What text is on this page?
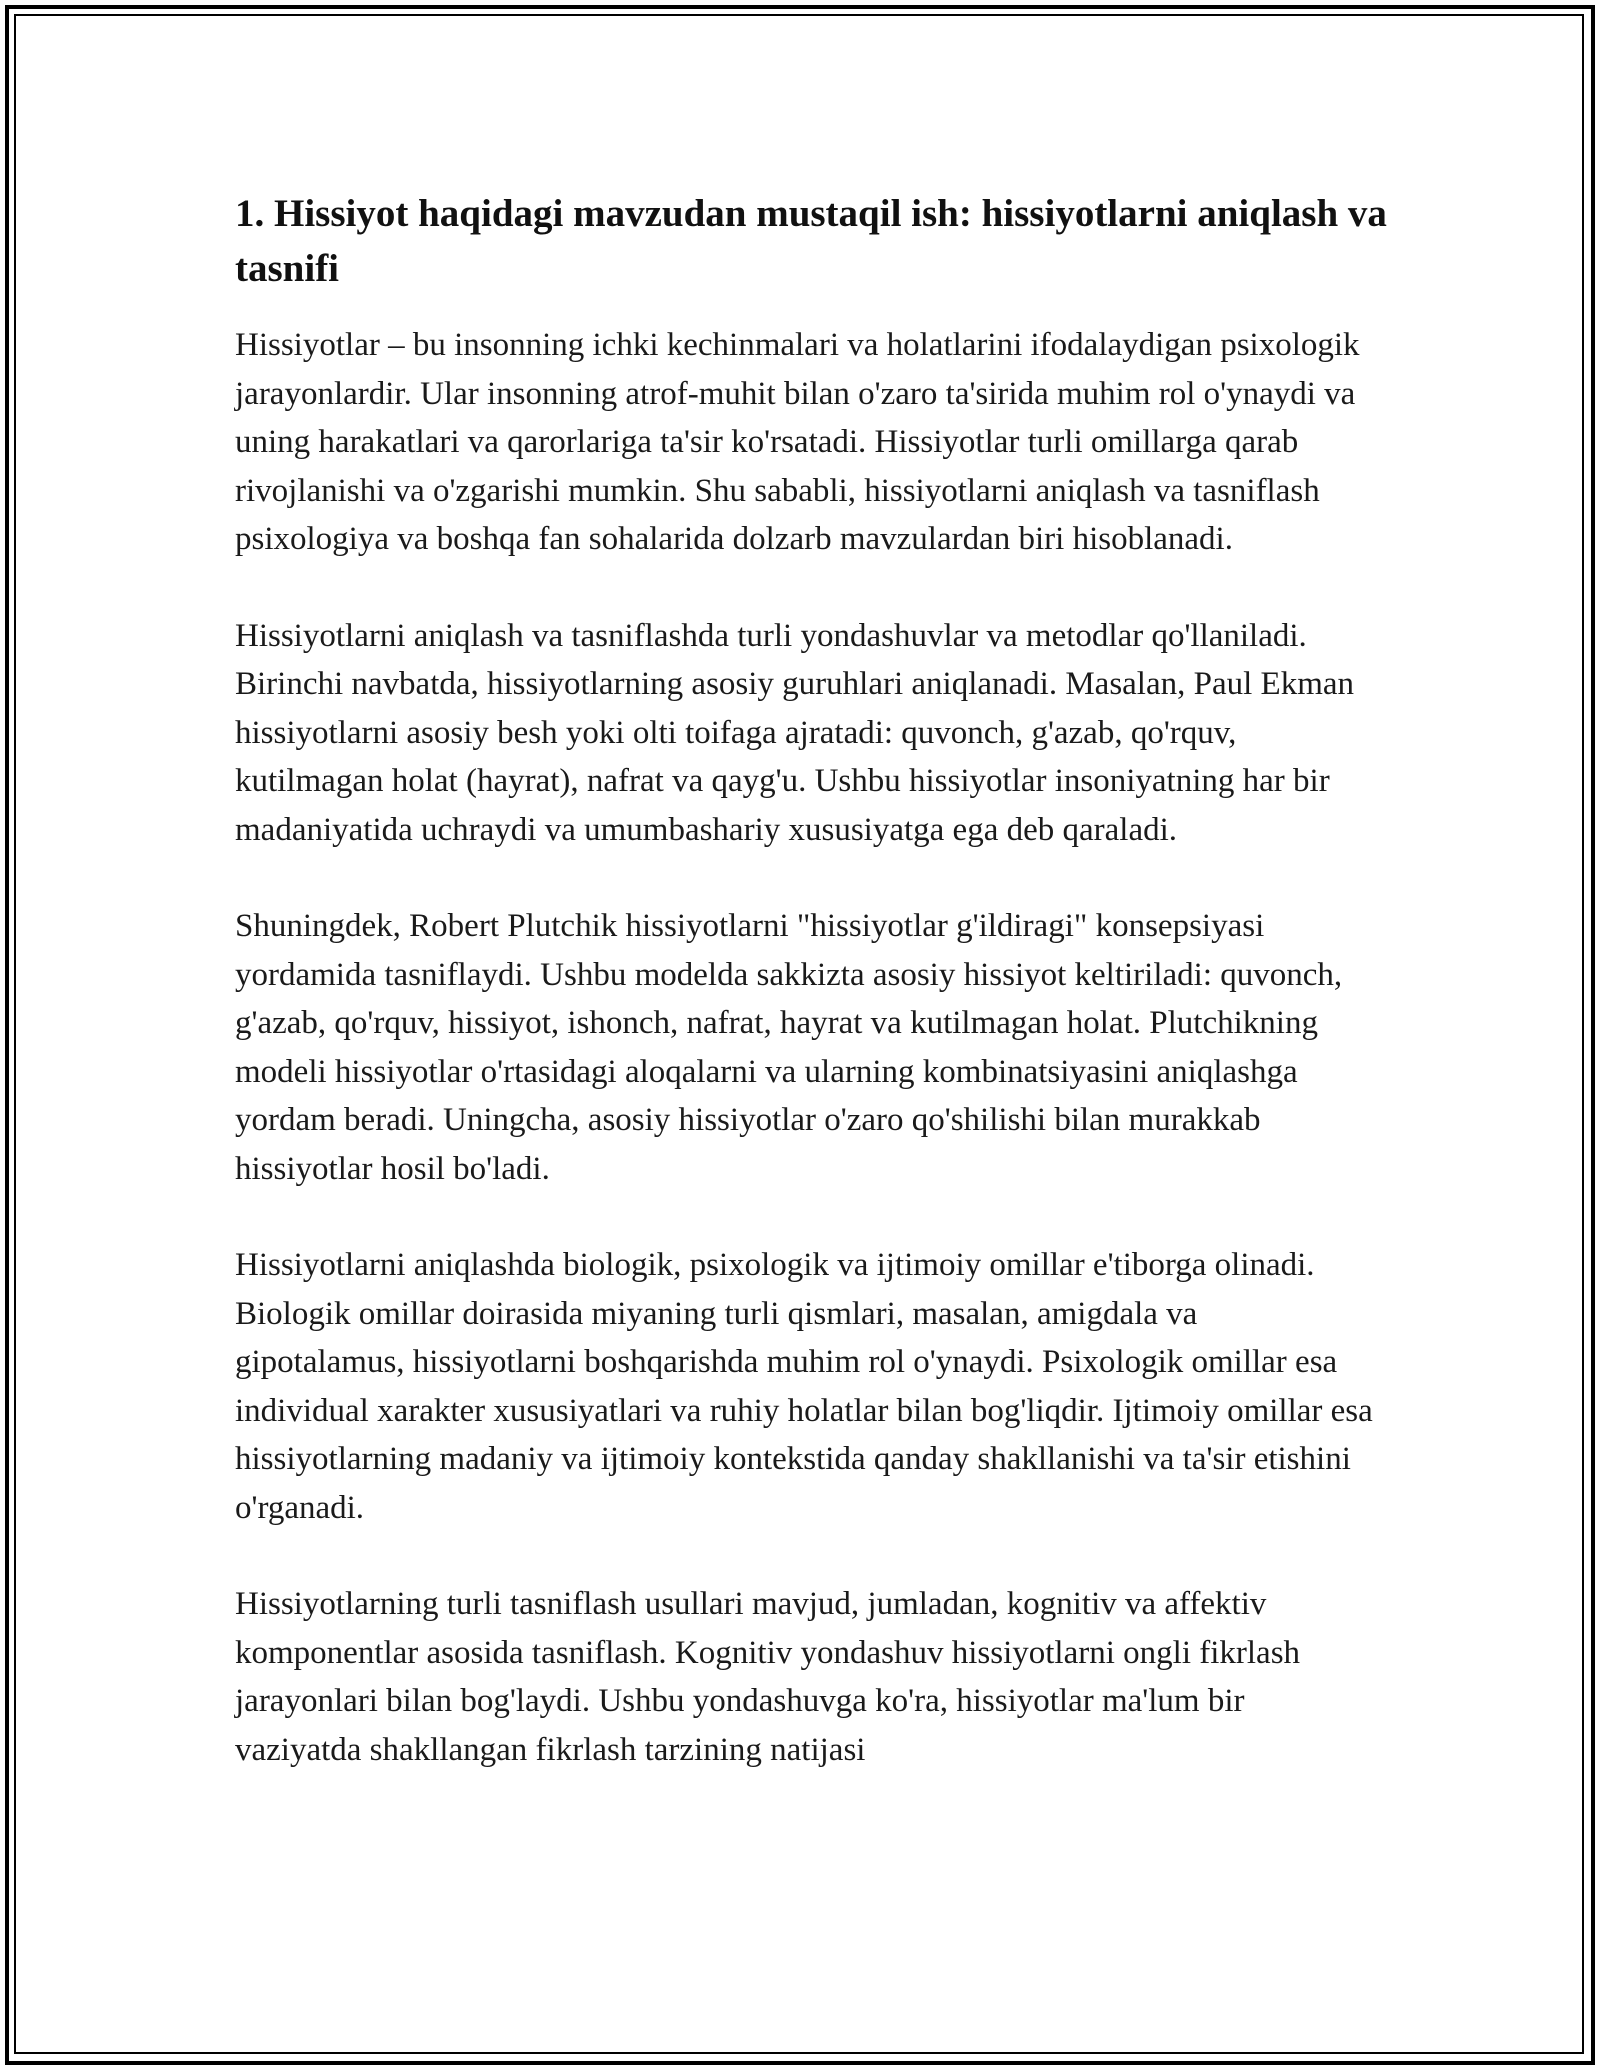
1. Hissiyot haqidagi mavzudan mustaqil ish: hissiyotlarni aniqlash va tasnifi

Hissiyotlar – bu insonning ichki kechinmalari va holatlarini ifodalaydigan psixologik jarayonlardir. Ular insonning atrof-muhit bilan o'zaro ta'sirida muhim rol o'ynaydi va uning harakatlari va qarorlariga ta'sir ko'rsatadi. Hissiyotlar turli omillarga qarab rivojlanishi va o'zgarishi mumkin. Shu sababli, hissiyotlarni aniqlash va tasniflash psixologiya va boshqa fan sohalarida dolzarb mavzulardan biri hisoblanadi.

Hissiyotlarni aniqlash va tasniflashda turli yondashuvlar va metodlar qo'llaniladi. Birinchi navbatda, hissiyotlarning asosiy guruhlari aniqlanadi. Masalan, Paul Ekman hissiyotlarni asosiy besh yoki olti toifaga ajratadi: quvonch, g'azab, qo'rquv, kutilmagan holat (hayrat), nafrat va qayg'u. Ushbu hissiyotlar insoniyatning har bir madaniyatida uchraydi va umumbashariy xususiyatga ega deb qaraladi.

Shuningdek, Robert Plutchik hissiyotlarni "hissiyotlar g'ildiragi" konsepsiyasi yordamida tasniflaydi. Ushbu modelda sakkizta asosiy hissiyot keltiriladi: quvonch, g'azab, qo'rquv, hissiyot, ishonch, nafrat, hayrat va kutilmagan holat. Plutchikning modeli hissiyotlar o'rtasidagi aloqalarni va ularning kombinatsiyasini aniqlashga yordam beradi. Uningcha, asosiy hissiyotlar o'zaro qo'shilishi bilan murakkab hissiyotlar hosil bo'ladi.

Hissiyotlarni aniqlashda biologik, psixologik va ijtimoiy omillar e'tiborga olinadi. Biologik omillar doirasida miyaning turli qismlari, masalan, amigdala va gipotalamus, hissiyotlarni boshqarishda muhim rol o'ynaydi. Psixologik omillar esa individual xarakter xususiyatlari va ruhiy holatlar bilan bog'liqdir. Ijtimoiy omillar esa hissiyotlarning madaniy va ijtimoiy kontekstida qanday shakllanishi va ta'sir etishini o'rganadi.

Hissiyotlarning turli tasniflash usullari mavjud, jumladan, kognitiv va affektiv komponentlar asosida tasniflash. Kognitiv yondashuv hissiyotlarni ongli fikrlash jarayonlari bilan bog'laydi. Ushbu yondashuvga ko'ra, hissiyotlar ma'lum bir vaziyatda shakllangan fikrlash tarzining natijasi
